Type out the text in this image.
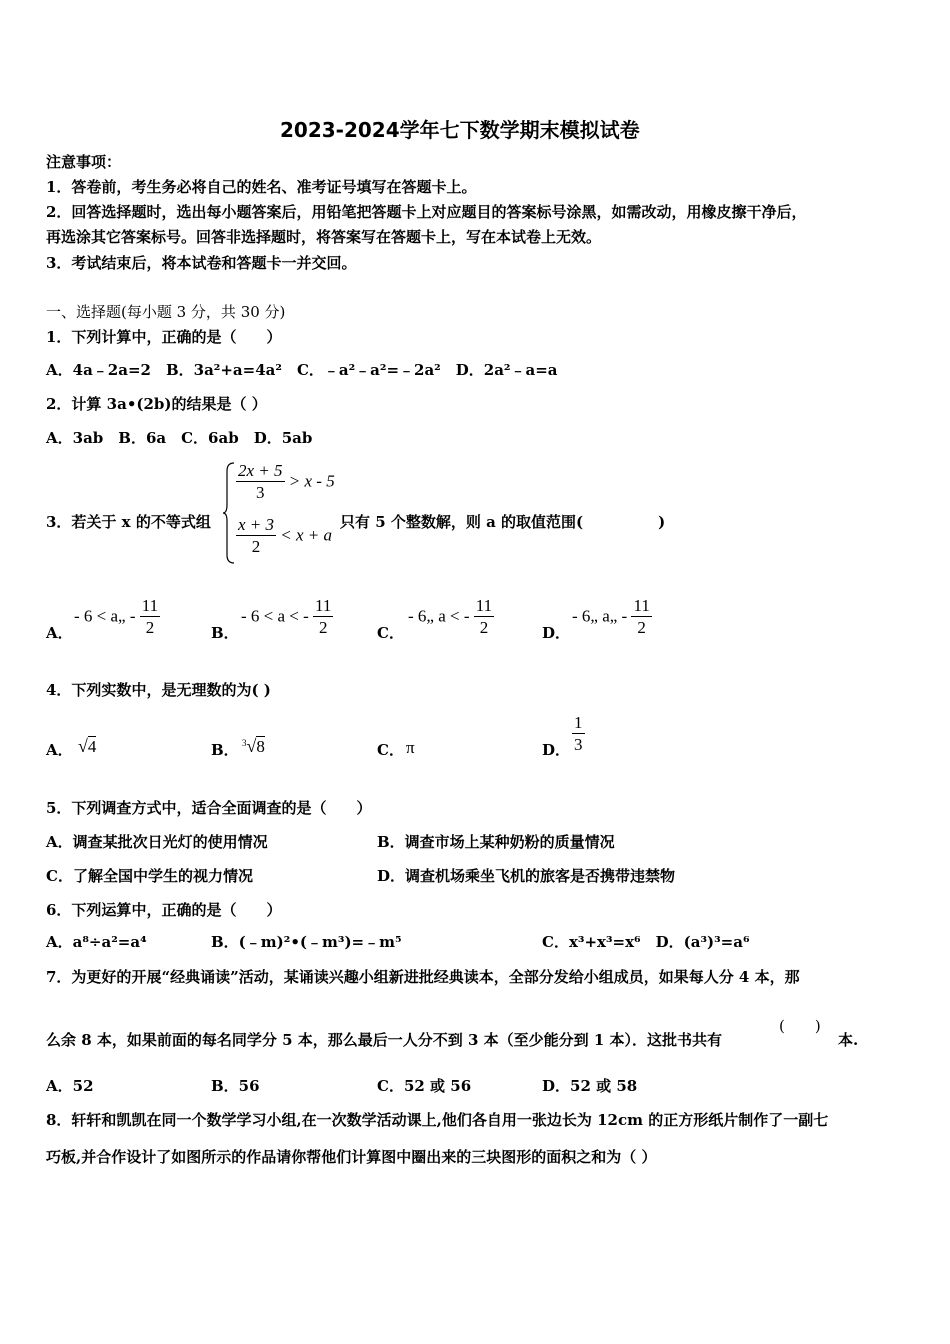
2023-2024学年七下数学期末模拟试卷
注意事项：
1．答卷前，考生务必将自己的姓名、准考证号填写在答题卡上。
2．回答选择题时，选出每小题答案后，用铅笔把答题卡上对应题目的答案标号涂黑，如需改动，用橡皮擦干净后，
再选涂其它答案标号。回答非选择题时，将答案写在答题卡上，写在本试卷上无效。
3．考试结束后，将本试卷和答题卡一并交回。
一、选择题(每小题 3 分，共 30 分)
1．下列计算中，正确的是（　　）
A．4a﹣2a=2　B．3a²+a=4a²　C．﹣a²﹣a²=﹣2a²　D．2a²﹣a=a
2．计算 3a•(2b)的结果是（ ）
A．3ab　B．6a　C．6ab　D．5ab
3．若关于 x 的不等式组
$\frac{2x + 5}{3} > x - 5$
$\frac{x + 3}{2} < x + a$
只有 5 个整数解，则 a 的取值范围(　　　　　)
A．
- 6 < a„ - $\frac{11}{2}$	B．
- 6 < a < - $\frac{11}{2}$	C．
- 6„ a < - $\frac{11}{2}$	D．
- 6„ a„ - $\frac{11}{2}$
4．下列实数中，是无理数的为( )
A． √4	B． $^3$√8	C． π	D． $\frac{1}{3}$
5．下列调查方式中，适合全面调查的是（　　）
A．调查某批次日光灯的使用情况	B．调查市场上某种奶粉的质量情况
C．了解全国中学生的视力情况	D．调查机场乘坐飞机的旅客是否携带违禁物
6．下列运算中，正确的是（　　）
A．a⁸÷a²=a⁴	B．(﹣m)²•(﹣m³)=﹣m⁵	C．x³+x³=x⁶　D．(a³)³=a⁶
7．为更好的开展“经典诵读”活动，某诵读兴趣小组新进批经典读本，全部分发给小组成员，如果每人分 4 本，那
么余 8 本，如果前面的每名同学分 5 本，那么最后一人分不到 3 本（至少能分到 1 本）．这批书共有
(　　)
本.
A．52	B．56	C．52 或 56	D．52 或 58
8．轩轩和凯凯在同一个数学学习小组,在一次数学活动课上,他们各自用一张边长为 12cm 的正方形纸片制作了一副七
巧板,并合作设计了如图所示的作品请你帮他们计算图中圈出来的三块图形的面积之和为（ ）
